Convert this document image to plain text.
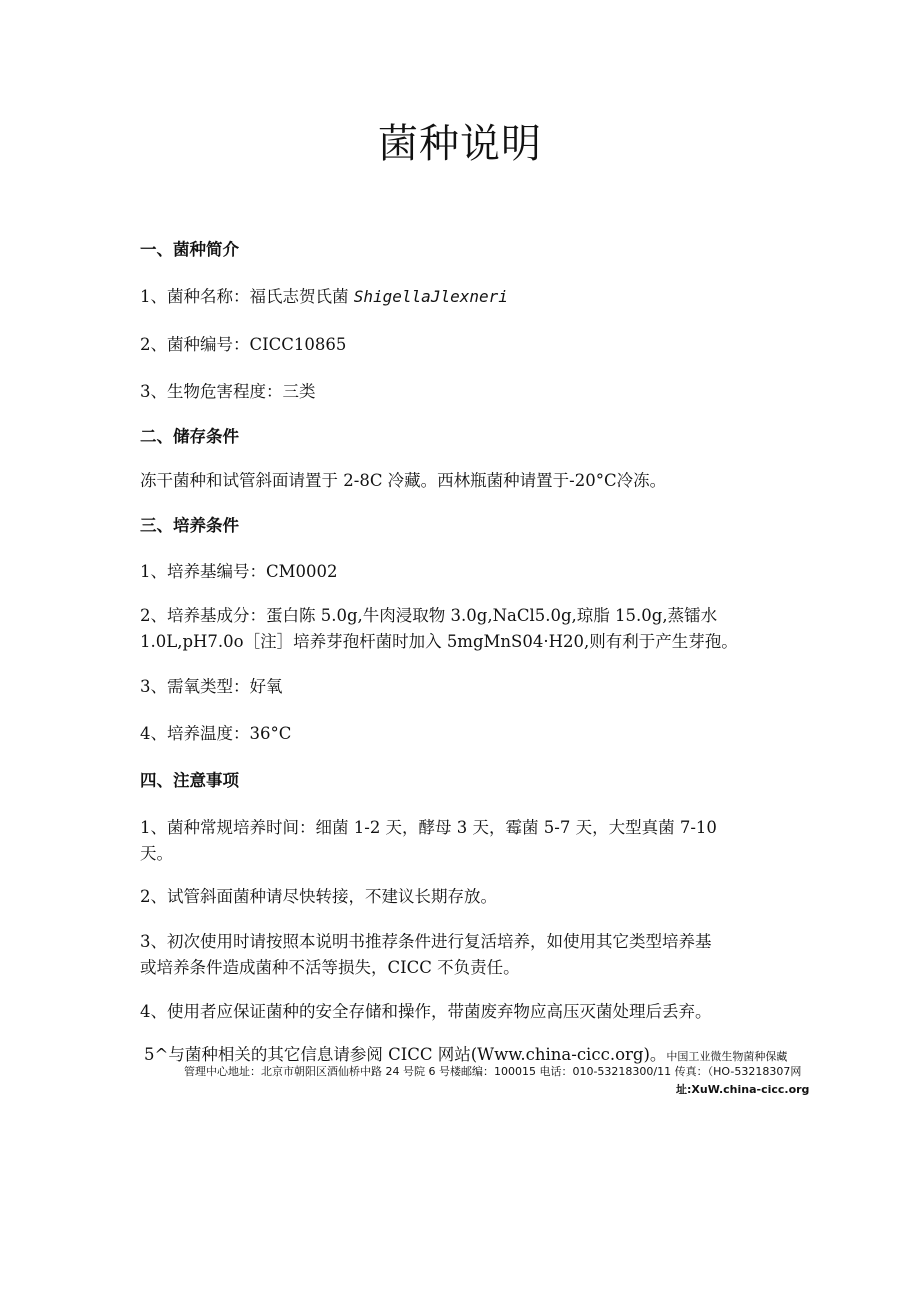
菌种说明

一、菌种简介

1、菌种名称：福氏志贺氏菌 ShigellaJlexneri

2、菌种编号：CICC10865

3、生物危害程度：三类

二、储存条件

冻干菌种和试管斜面请置于 2-8C 冷藏。西林瓶菌种请置于-20°C冷冻。

三、培养条件

1、培养基编号：CM0002

2、培养基成分：蛋白陈 5.0g,牛肉浸取物 3.0g,NaCl5.0g,琼脂 15.0g,蒸镭水

1.0L,pH7.0o［注］培养芽孢杆菌时加入 5mgMnS04·H20,则有利于产生芽孢。

3、需氧类型：好氧

4、培养温度：36°C

四、注意事项

1、菌种常规培养时间：细菌 1-2 天，酵母 3 天，霉菌 5-7 天，大型真菌 7-10

天。

2、试管斜面菌种请尽快转接，不建议长期存放。

3、初次使用时请按照本说明书推荐条件进行复活培养，如使用其它类型培养基

或培养条件造成菌种不活等损失，CICC 不负责任。

4、使用者应保证菌种的安全存储和操作，带菌废弃物应高压灭菌处理后丢弃。

5^与菌种相关的其它信息请参阅 CICC 网站(Www.china-cicc.org)。中国工业微生物菌种保藏

管理中心地址：北京市朝阳区酒仙桥中路 24 号院 6 号楼邮编：100015 电话：010-53218300/11 传真：（HO-53218307网
址:XuW.china-cicc.org
